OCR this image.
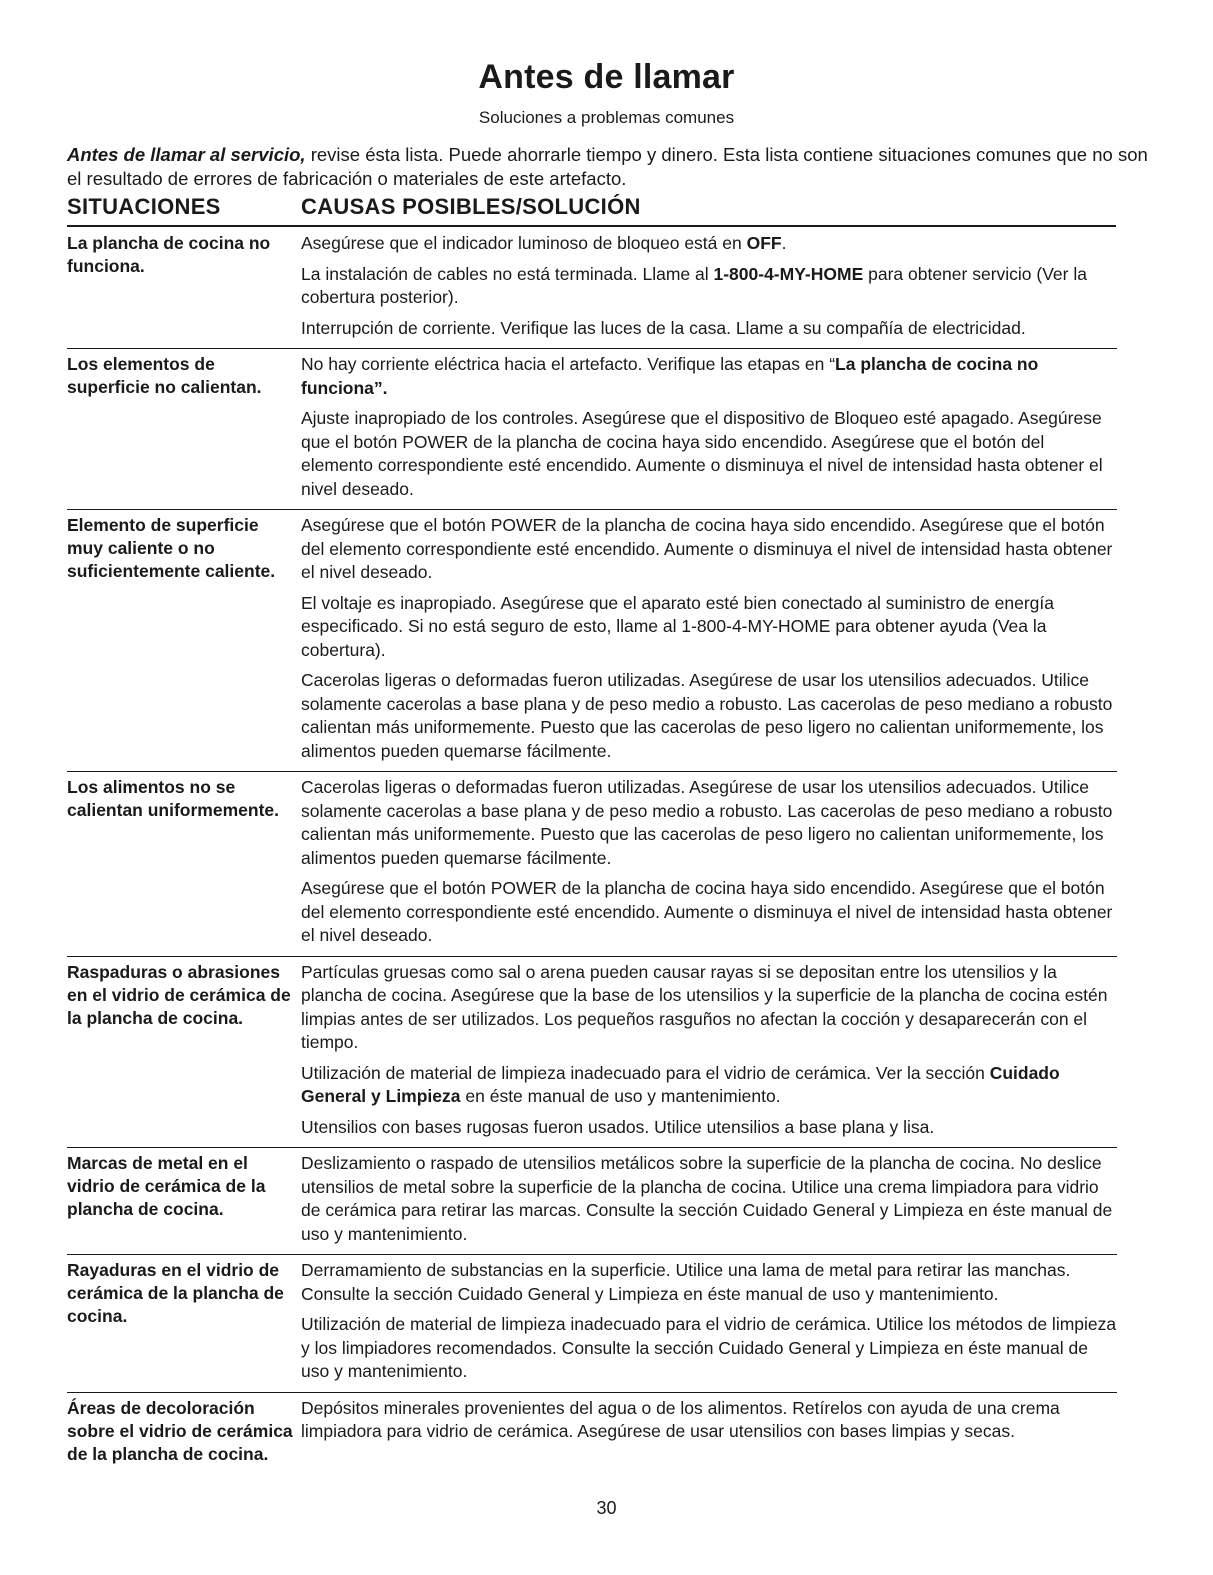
Antes de llamar

Soluciones a problemas comunes

Antes de llamar al servicio, revise ésta lista. Puede ahorrarle tiempo y dinero. Esta lista contiene situaciones comunes que no son el resultado de errores de fabricación o materiales de este artefacto.

SITUACIONES	CAUSAS POSIBLES/SOLUCIÓN
La plancha de cocina no funciona.

Asegúrese que el indicador luminoso de bloqueo está en OFF.

La instalación de cables no está terminada. Llame al 1-800-4-MY-HOME para obtener servicio (Ver la cobertura posterior).

Interrupción de corriente. Verifique las luces de la casa. Llame a su compañía de electricidad.

Los elementos de superficie no calientan.

No hay corriente eléctrica hacia el artefacto. Verifique las etapas en “La plancha de cocina no funciona”.

Ajuste inapropiado de los controles. Asegúrese que el dispositivo de Bloqueo esté apagado. Asegúrese que el botón POWER de la plancha de cocina haya sido encendido. Asegúrese que el botón del elemento correspondiente esté encendido. Aumente o disminuya el nivel de intensidad hasta obtener el nivel deseado.

Elemento de superficie muy caliente o no suficientemente caliente.

Asegúrese que el botón POWER de la plancha de cocina haya sido encendido. Asegúrese que el botón del elemento correspondiente esté encendido. Aumente o disminuya el nivel de intensidad hasta obtener el nivel deseado.

El voltaje es inapropiado. Asegúrese que el aparato esté bien conectado al suministro de energía especificado. Si no está seguro de esto, llame al 1-800-4-MY-HOME para obtener ayuda (Vea la cobertura).

Cacerolas ligeras o deformadas fueron utilizadas. Asegúrese de usar los utensilios adecuados. Utilice solamente cacerolas a base plana y de peso medio a robusto. Las cacerolas de peso mediano a robusto calientan más uniformemente. Puesto que las cacerolas de peso ligero no calientan uniformemente, los alimentos pueden quemarse fácilmente.

Los alimentos no se calientan uniformemente.

Cacerolas ligeras o deformadas fueron utilizadas. Asegúrese de usar los utensilios adecuados. Utilice solamente cacerolas a base plana y de peso medio a robusto. Las cacerolas de peso mediano a robusto calientan más uniformemente. Puesto que las cacerolas de peso ligero no calientan uniformemente, los alimentos pueden quemarse fácilmente.

Asegúrese que el botón POWER de la plancha de cocina haya sido encendido. Asegúrese que el botón del elemento correspondiente esté encendido. Aumente o disminuya el nivel de intensidad hasta obtener el nivel deseado.

Raspaduras o abrasiones en el vidrio de cerámica de la plancha de cocina.

Partículas gruesas como sal o arena pueden causar rayas si se depositan entre los utensilios y la plancha de cocina. Asegúrese que la base de los utensilios y la superficie de la plancha de cocina estén limpias antes de ser utilizados. Los pequeños rasguños no afectan la cocción y desaparecerán con el tiempo.

Utilización de material de limpieza inadecuado para el vidrio de cerámica. Ver la sección Cuidado General y Limpieza en éste manual de uso y mantenimiento.

Utensilios con bases rugosas fueron usados. Utilice utensilios a base plana y lisa.

Marcas de metal en el vidrio de cerámica de la plancha de cocina.

Deslizamiento o raspado de utensilios metálicos sobre la superficie de la plancha de cocina. No deslice utensilios de metal sobre la superficie de la plancha de cocina. Utilice una crema limpiadora para vidrio de cerámica para retirar las marcas. Consulte la sección Cuidado General y Limpieza en éste manual de uso y mantenimiento.

Rayaduras en el vidrio de cerámica de la plancha de cocina.

Derramamiento de substancias en la superficie. Utilice una lama de metal para retirar las manchas. Consulte la sección Cuidado General y Limpieza en éste manual de uso y mantenimiento.

Utilización de material de limpieza inadecuado para el vidrio de cerámica. Utilice los métodos de limpieza y los limpiadores recomendados. Consulte la sección Cuidado General y Limpieza en éste manual de uso y mantenimiento.

Áreas de decoloración sobre el vidrio de cerámica de la plancha de cocina.

Depósitos minerales provenientes del agua o de los alimentos. Retírelos con ayuda de una crema limpiadora para vidrio de cerámica. Asegúrese de usar utensilios con bases limpias y secas.

30
